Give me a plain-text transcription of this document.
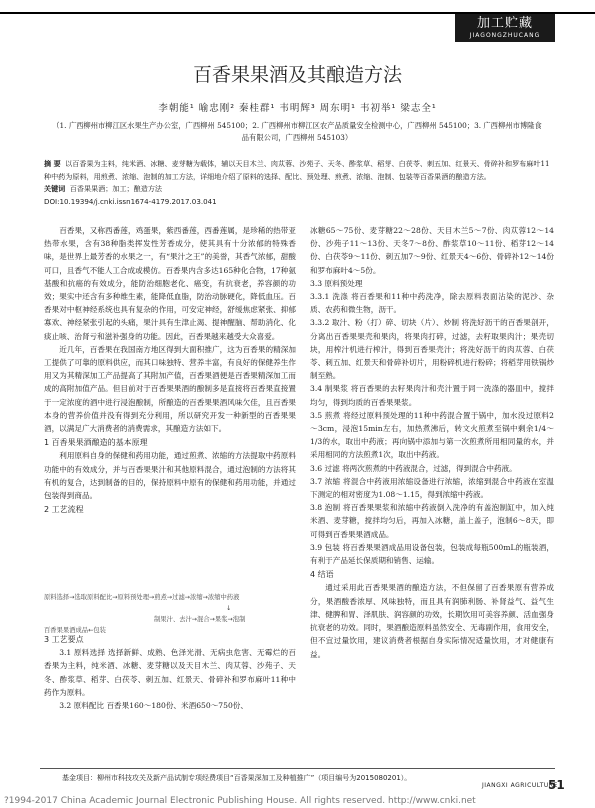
加工贮藏
JIAGONGZHUCANG
百香果果酒及其酿造方法
李朝能¹ 喻忠刚² 秦桂群¹ 韦明辉³ 周东明¹ 韦初举¹ 梁志全¹
（1. 广西柳州市柳江区水果生产办公室，广西柳州 545100；2. 广西柳州市柳江区农产品质量安全检测中心，广西柳州 545100；3. 广西柳州市博隆食品有限公司，广西柳州 545103）
摘 要 以百香果为主料，纯米酒、冰糖、麦芽糖为载体，辅以天目木兰、肉苁蓉、沙苑子、天冬、酢浆草、稻芽、白茯苓、刺五加、红景天、骨碎补和罗布麻叶11种中药为原料，用煎煮、浓缩、泡制的加工方法，详细地介绍了原料的选择、配比、预处理、煎煮、浓缩、泡制、包装等百香果酒的酿造方法。
关键词 百香果果酒；加工；酿造方法
DOI:10.19394/j.cnki.issn1674-4179.2017.03.041

百香果，又称西番莲，鸡蛋果，紫西番莲，西番莲属，是珍稀的热带亚热带水果，含有38种脂类挥发性芳香成分，使其具有十分浓郁的特殊香味，是世界上最芳香的水果之一，有“果汁之王”的美誉，其香气浓郁，甜酸可口，且香气不能人工合成或模仿。百香果内含多达165种化合物，17种氨基酸和抗癌的有效成分，能防治细胞老化、癌变，有抗衰老，养容颜的功效；果实中还含有多种维生素，能降低血脂，防治动脉硬化，降低血压。百香果对中枢神经系统也具有复杂的作用，可安定神经，舒缓焦虑紧张、抑郁寡欢、神经紧张引起的头痛，果汁具有生津止渴、提神醒脑、帮助消化、化痰止咳、治肾亏和滋补强身的功能。因此，百香果越来越受大众喜爱。

近几年，百香果在我国南方地区得到大面积推广，这为百香果的精深加工提供了可靠的原料供应，而其口味独特、营养丰富，有良好的保健养生作用又为其精深加工产品提高了其附加产值，百香果酒便是百香果精深加工而成的高附加值产品。但目前对于百香果果酒的酿制多是直接将百香果直接置于一定浓度的酒中进行浸泡酿制，所酿造的百香果果酒风味欠佳，且百香果本身的营养价值并没有得到充分利用，所以研究开发一种新型的百香果果酒，以满足广大消费者的消费需求，其酿造方法如下。

1 百香果果酒酿造的基本原理

利用原料自身的保健和药用功能，通过煎煮、浓缩的方法提取中药原料功能中的有效成分，并与百香果果汁和其他原料混合，通过泡制的方法将其有机的复合，达到制备的目的，保持原料中原有的保健和药用功能，并通过包装得到商品。

2 工艺流程

原料选择→选取原料配比→原料预处理→煎煮→过滤→浓缩→浓缩中药液
↓
制果汁、去汁→混合→果浆→泡制
百香果果酒成品←包装

3 工艺要点

3.1 原料选择 选择新鲜、成熟、色泽光滑、无病虫危害、无霉烂的百香果为主料，纯米酒、冰糖、麦芽糖以及天目木兰、肉苁蓉、沙苑子、天冬、酢浆草、稻芽、白茯苓、刺五加、红景天、骨碎补和罗布麻叶11种中药作为原料。

3.2 原料配比 百香果160～180份、米酒650～750份、

冰糖65～75份、麦芽糖22～28份、天目木兰5～7份、肉苁蓉12～14份、沙苑子11～13份、天冬7～8份、酢浆草10～11份、稻芽12～14份、白茯苓9～11份、刺五加7～9份、红景天4～6份、骨碎补12～14份和罗布麻叶4～5份。

3.3 原料预处理

3.3.1 洗涤 将百香果和11种中药洗净，除去原料表面沾染的泥沙、杂质、农药和微生物，沥干。

3.3.2 取汁、粉（打）碎、切块（片）、炒制 将洗好沥干的百香果剖开，分离出百香果果壳和果肉，将果肉打碎，过滤，去籽取果肉汁；果壳切块，用榨汁机进行榨汁，得到百香果壳汁；将洗好沥干的肉苁蓉、白茯苓、刺五加、红景天和骨碎补切片，用粉碎机进行粉碎；将稻芽用铁锅炒制至熟。

3.4 制果浆 将百香果的去籽果肉汁和壳汁置于同一洗涤的器皿中，搅拌均匀，得到均质的百香果果浆。

3.5 煎煮 将经过原料预处理的11种中药混合置于锅中，加水没过原料2～3cm，浸泡15min左右，加热煮沸后，转文火煎煮至锅中剩余1/4～1/3的水，取出中药液；再向锅中添加与第一次煎煮所用相同量的水，并采用相同的方法煎煮1次，取出中药液。

3.6 过滤 将两次煎煮的中药液混合，过滤，得到混合中药液。

3.7 浓缩 将混合中药液用浓缩设备进行浓缩，浓缩到混合中药液在室温下测定的相对密度为1.08～1.15，得到浓缩中药液。

3.8 泡制 将百香果果浆和浓缩中药液倒入洗净的有盖泡制缸中，加入纯米酒、麦芽糖，搅拌均匀后，再加入冰糖，盖上盖子，泡制6～8天，即可得到百香果果酒成品。

3.9 包装 将百香果果酒成品用设备包装，包装成每瓶500mL的瓶装酒，有利于产品延长保质期和销售、运输。

4 结语

通过采用此百香果果酒的酿造方法，不但保留了百香果原有营养成分，果酒酸香浓厚、风味独特，而且具有润肺利肠、补肾益气、益气生津、健脾和胃、泽肌肤、润容颜的功效，长期饮用可美容养颜、活血强身抗衰老的功效。同时，果酒酿造原料虽然安全、无毒副作用，食用安全，但不宜过量饮用，建议消费者根据自身实际情况适量饮用，才对健康有益。

基金项目：柳州市科技攻关及新产品试制专项经费项目“百香果深加工及种植推广”（项目编号为2015080201）。
JIANGXI AGRICULTURE
51
?1994-2017 China Academic Journal Electronic Publishing House. All rights reserved. http://www.cnki.net
